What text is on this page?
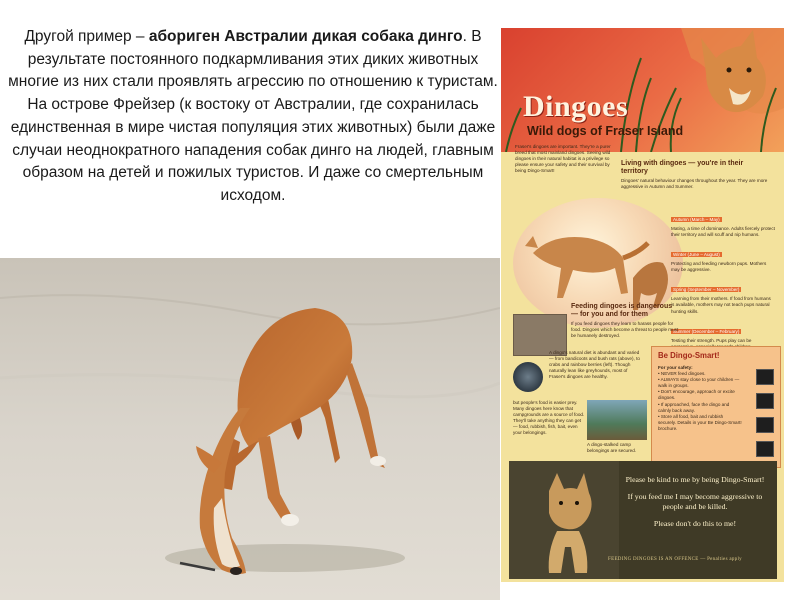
Другой пример – абориген Австралии дикая собака динго. В результате постоянного подкармливания этих диких животных многие из них стали проявлять агрессию по отношению к туристам. На острове Фрейзер (к востоку от Австралии, где сохранилась единственная в мире чистая популяция этих животных) были даже случаи неоднократного нападения собак динго на людей, главным образом на детей и пожилых туристов. И даже со смертельным исходом.
Dingoes
Wild dogs of Fraser Island
Fraser's dingoes are important. They're a purer breed that most mainland dingoes. Seeing wild dingoes in their natural habitat is a privilege so please ensure your safety and their survival by being Dingo-Smart!
Living with dingoes — you're in their territory
Dingoes' natural behaviour changes throughout the year. They are more aggressive in Autumn and Summer.
Autumn (March – May)
Mating, a time of dominance. Adults fiercely protect their territory and will scuff and nip humans.
Winter (June – August)
Protecting and feeding newborn pups. Mothers may be aggressive.
Spring (September – November)
Learning from their mothers. If food from humans is available, mothers may not teach pups natural hunting skills.
Summer (December – February)
Testing their strength. Pups play can be
Feeding dingoes is dangerous — for you and for them
If you feed dingoes they learn to harass people for food. Dingoes which become a threat to people must be humanely destroyed.
A dingo's natural diet is abundant and varied — from bandicoots and bush rats (above), to crabs and rainbow berries (left). Though naturally lean like greyhounds, most of Fraser's dingoes are healthy.
but people's food is easier prey. Many dingoes here know that campgrounds are a source of food. They'll take anything they can get — food, rubbish, fish, bait, even your belongings.
A dingo-stalked camp belongings are secured.
Be Dingo-Smart!
For your safety:
• NEVER feed dingoes.
• ALWAYS stay close to your children — walk in groups.
• Don't encourage, approach or excite dingoes.
• If approached, face the dingo and calmly back away.
• Store all food, bait and rubbish securely. Details in your Be Dingo-Smart! brochure.
Please be kind to me by being Dingo-Smart!
If you feed me I may become aggressive to people and be killed.
Please don't do this to me!
FEEDING DINGOES IS AN OFFENCE — Penalties apply
